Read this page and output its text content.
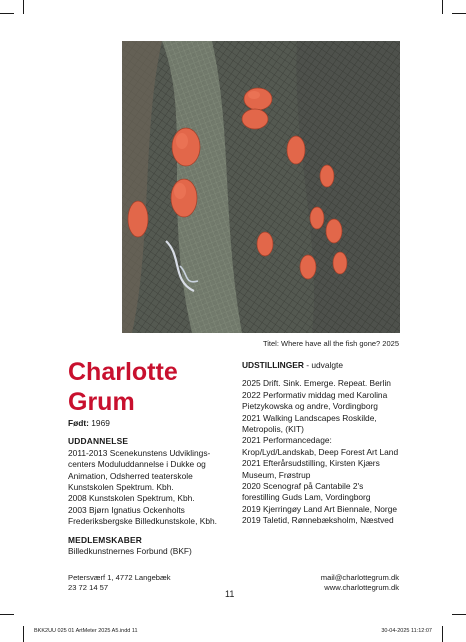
Titel: Where have all the fish gone? 2025
Charlotte
Grum
Født: 1969
UDDANNELSE
2011-2013 Scenekunstens Udviklings-centers Moduluddannelse i Dukke og Animation, Odsherred teaterskole Kunstskolen Spektrum. Kbh.
2008 Kunstskolen Spektrum, Kbh.
2003 Bjørn Ignatius Ockenholts Frederiksbergske Billedkunstskole, Kbh.
MEDLEMSKABER
Billedkunstnernes Forbund (BKF)
UDSTILLINGER - udvalgte
2025 Drift. Sink. Emerge. Repeat. Berlin
2022 Performativ middag med Karolina Pietzykowska og andre, Vordingborg
2021 Walking Landscapes Roskilde, Metropolis, (KIT)
2021 Performancedage: Krop/Lyd/Landskab, Deep Forest Art Land
2021 Efterårsudstilling, Kirsten Kjærs Museum, Frøstrup
2020 Scenograf på Cantabile 2's forestilling Guds Lam, Vordingborg
2019 Kjerringøy Land Art Biennale, Norge
2019 Taletid, Rønnebæksholm, Næstved
Petersværf 1, 4772 Langebæk
23 72 14 57
mail@charlottegrum.dk
www.charlottegrum.dk
11
BKK2UU 025 01 ArtMeter 2025 A5.indd 11	30-04-2025 11:12:07
